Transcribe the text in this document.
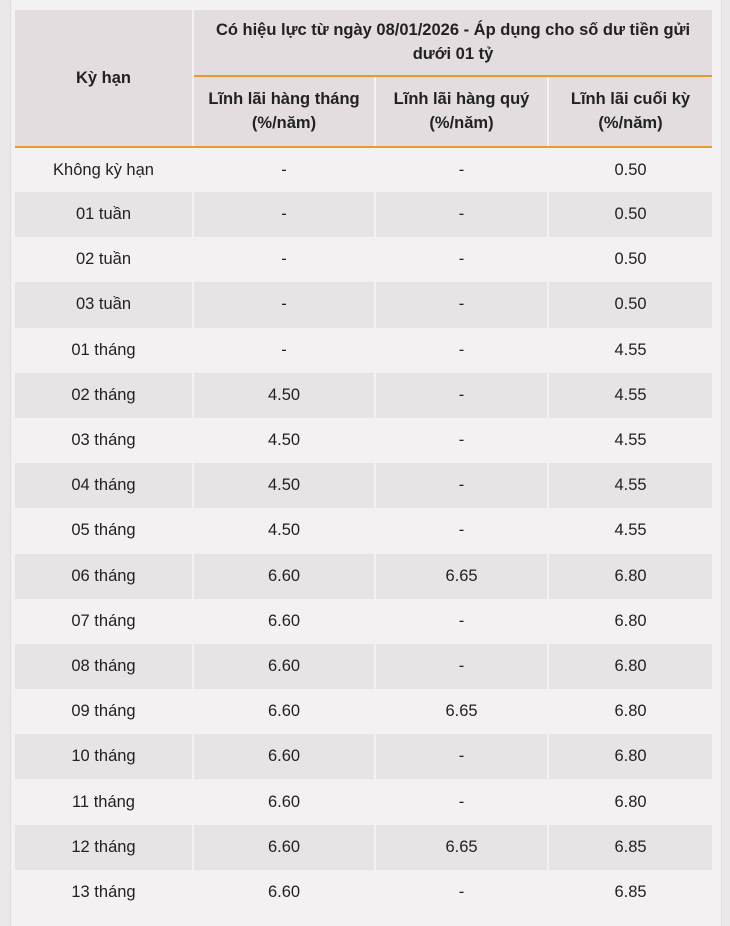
Kỳ hạn	Có hiệu lực từ ngày 08/01/2026 - Áp dụng cho số dư tiền gửi dưới 01 tỷ		
	Lĩnh lãi hàng tháng (%/năm)	Lĩnh lãi hàng quý (%/năm)	Lĩnh lãi cuối kỳ (%/năm)
Không kỳ hạn	-	-	0.50
01 tuần	-	-	0.50
02 tuần	-	-	0.50
03 tuần	-	-	0.50
01 tháng	-	-	4.55
02 tháng	4.50	-	4.55
03 tháng	4.50	-	4.55
04 tháng	4.50	-	4.55
05 tháng	4.50	-	4.55
06 tháng	6.60	6.65	6.80
07 tháng	6.60	-	6.80
08 tháng	6.60	-	6.80
09 tháng	6.60	6.65	6.80
10 tháng	6.60	-	6.80
11 tháng	6.60	-	6.80
12 tháng	6.60	6.65	6.85
13 tháng	6.60	-	6.85
